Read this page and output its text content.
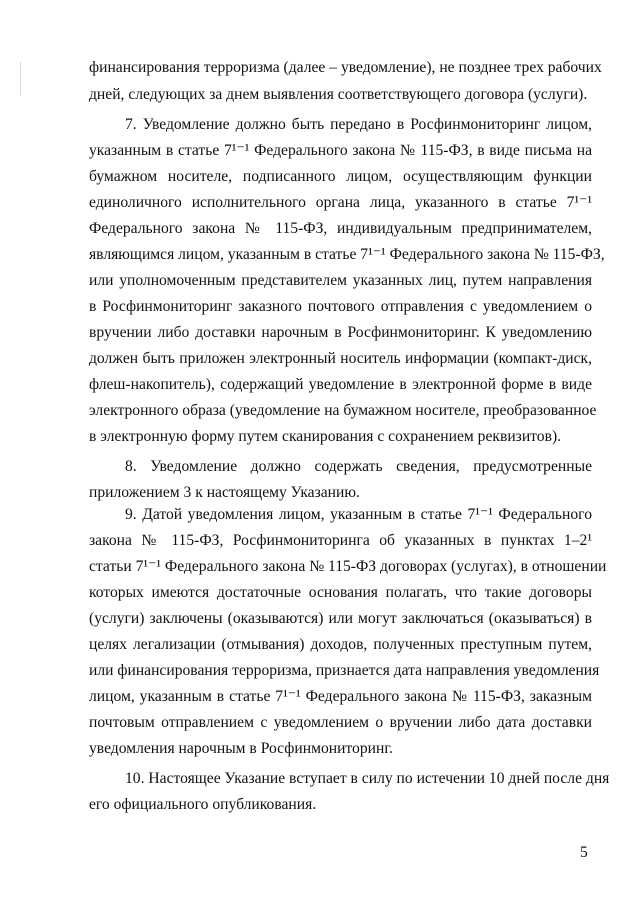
финансирования терроризма (далее – уведомление), не позднее трех рабочих
дней, следующих за днем выявления соответствующего договора (услуги).
7. Уведомление должно быть передано в Росфинмониторинг лицом,
указанным в статье 7¹⁻¹ Федерального закона № 115-ФЗ, в виде письма на
бумажном носителе, подписанного лицом, осуществляющим функции
единоличного исполнительного органа лица, указанного в статье 7¹⁻¹
Федерального закона № 115-ФЗ, индивидуальным предпринимателем,
являющимся лицом, указанным в статье 7¹⁻¹ Федерального закона № 115-ФЗ,
или уполномоченным представителем указанных лиц, путем направления
в Росфинмониторинг заказного почтового отправления с уведомлением о
вручении либо доставки нарочным в Росфинмониторинг. К уведомлению
должен быть приложен электронный носитель информации (компакт-диск,
флеш-накопитель), содержащий уведомление в электронной форме в виде
электронного образа (уведомление на бумажном носителе, преобразованное
в электронную форму путем сканирования с сохранением реквизитов).
8. Уведомление должно содержать сведения, предусмотренные
приложением 3 к настоящему Указанию.
9. Датой уведомления лицом, указанным в статье 7¹⁻¹ Федерального
закона № 115-ФЗ, Росфинмониторинга об указанных в пунктах 1–2¹
статьи 7¹⁻¹ Федерального закона № 115-ФЗ договорах (услугах), в отношении
которых имеются достаточные основания полагать, что такие договоры
(услуги) заключены (оказываются) или могут заключаться (оказываться) в
целях легализации (отмывания) доходов, полученных преступным путем,
или финансирования терроризма, признается дата направления уведомления
лицом, указанным в статье 7¹⁻¹ Федерального закона № 115-ФЗ, заказным
почтовым отправлением с уведомлением о вручении либо дата доставки
уведомления нарочным в Росфинмониторинг.
10. Настоящее Указание вступает в силу по истечении 10 дней после дня
его официального опубликования.
5
